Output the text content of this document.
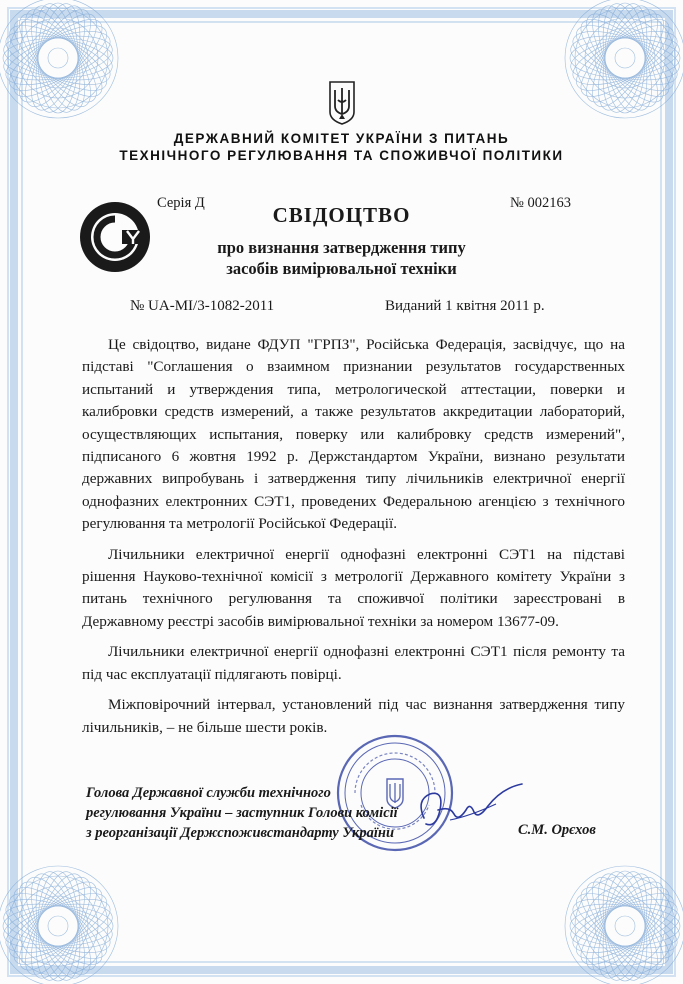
ДЕРЖАВНИЙ КОМІТЕТ УКРАЇНИ З ПИТАНЬ
ТЕХНІЧНОГО РЕГУЛЮВАННЯ ТА СПОЖИВЧОЇ ПОЛІТИКИ
Серія Д	№ 002163
СВІДОЦТВО
про визнання затвердження типу
засобів вимірювальної техніки
№ UA-MI/3-1082-2011	Виданий 1 квітня 2011 р.

Це свідоцтво, видане ФДУП "ГРПЗ", Російська Федерація, засвідчує, що на підставі "Соглашения о взаимном признании результатов государственных испытаний и утверждения типа, метрологической аттестации, поверки и калибровки средств измерений, а также результатов аккредитации лабораторий, осуществляющих испытания, поверку или калибровку средств измерений", підписаного 6 жовтня 1992 р. Держстандартом України, визнано результати державних випробувань і затвердження типу лічильників електричної енергії однофазних електронних СЭТ1, проведених Федеральною агенцією з технічного регулювання та метрології Російської Федерації.

Лічильники електричної енергії однофазні електронні СЭТ1 на підставі рішення Науково-технічної комісії з метрології Державного комітету України з питань технічного регулювання та споживчої політики зареєстровані в Державному реєстрі засобів вимірювальної техніки за номером 13677-09.

Лічильники електричної енергії однофазні електронні СЭТ1 після ремонту та під час експлуатації підлягають повірці.

Міжповірочний інтервал, установлений під час визнання затвердження типу лічильників, – не більше шести років.

Голова Державної служби технічного
регулювання України – заступник Голови комісії
з реорганізації Держспоживстандарту України	С.М. Орєхов
